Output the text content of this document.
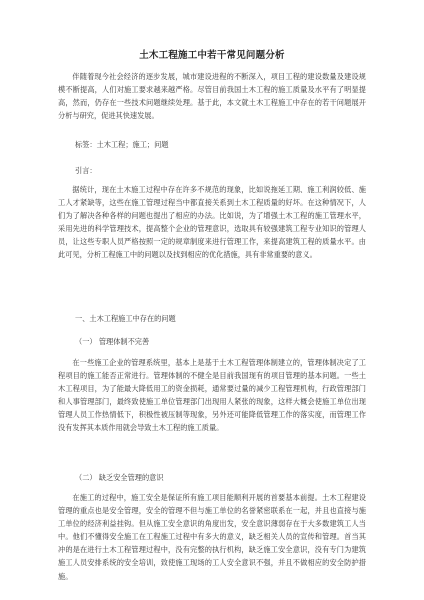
土木工程施工中若干常见问题分析

伴随着现今社会经济的逐步发展，城市建设进程的不断深入，项目工程的建设数量及建设规模不断提高，人们对施工要求越来越严格。尽管目前我国土木工程的施工质量及水平有了明显提高，然而，仍存在一些技术问题继续处理。基于此，本文就土木工程施工中存在的若干问题展开分析与研究，促进其快速发展。

标签：土木工程；施工；问题
引言：

据统计，现在土木施工过程中存在许多不规范的现象，比如说拖延工期、施工利润较低、施工人才紧缺等，这些在施工管理过程当中都直接关系到土木工程质量的好坏。在这种情况下，人们为了解决各种各样的问题也提出了相应的办法。比如说，为了增强土木工程的施工管理水平，采用先进的科学管理技术，提高整个企业的管理意识，选取具有较强建筑工程专业知识的管理人员，让这些专职人员严格按照一定的规章制度来进行管理工作，来提高建筑工程的质量水平。由此可见，分析工程施工中的问题以及找到相应的优化措施，具有非常重要的意义。

一、土木工程施工中存在的问题
（一） 管理体制不完善

在一些施工企业的管理系统里，基本上是基于土木工程管理体制建立的，管理体制决定了工程项目的施工能否正常进行。管理体制的不健全是目前我国现有的项目管理的基本问题。一些土木工程项目，为了能最大降低用工的资金损耗，通常要过量的减少工程管理机构，行政管理部门和人事管理部门，最终致使施工单位管理部门出现用人紧张的现象，这样大概会使施工单位出现管理人员工作热情低下，积极性被压制等现象，另外还可能降低管理工作的落实度，而管理工作没有发挥其本质作用就会导致土木工程的施工质量。

（二） 缺乏安全管理的意识

在施工的过程中，施工安全是保证所有施工项目能顺利开展的首要基本前提。土木工程建设管理的重点也是安全管理，安全的管理不但与施工单位的名誉紧密联系在一起，并且也直接与施工单位的经济利益挂钩。但从施工安全意识的角度出发，安全意识薄弱存在于大多数建筑工人当中。他们不懂得安全施工在工程施工过程中有多大的意义，缺乏相关人员的宣传和管理。首当其冲的是在进行土木工程管理过程中，没有完整的执行机构，缺乏施工安全意识，没有专门为建筑施工人员安排系统的安全培训，致使施工现场的工人安全意识不强，并且不做相应的安全防护措施。
